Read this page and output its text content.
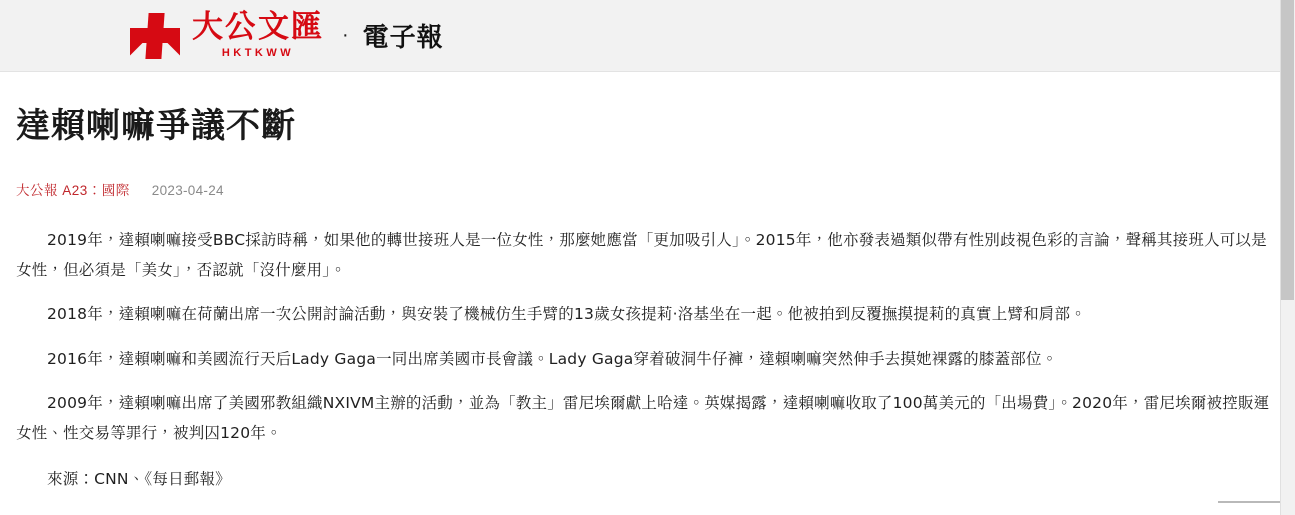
大公文匯
HKTKWW
· 電子報
達賴喇嘛爭議不斷
大公報 A23：國際 2023-04-24

2019年，達賴喇嘛接受BBC採訪時稱，如果他的轉世接班人是一位女性，那麼她應當「更加吸引人」。2015年，他亦發表過類似帶有性別歧視色彩的言論，聲稱其接班人可以是女性，但必須是「美女」，否認就「沒什麼用」。

2018年，達賴喇嘛在荷蘭出席一次公開討論活動，與安裝了機械仿生手臂的13歲女孩提莉·洛基坐在一起。他被拍到反覆撫摸提莉的真實上臂和肩部。

2016年，達賴喇嘛和美國流行天后Lady Gaga一同出席美國市長會議。Lady Gaga穿着破洞牛仔褲，達賴喇嘛突然伸手去摸她裸露的膝蓋部位。

2009年，達賴喇嘛出席了美國邪教組織NXIVM主辦的活動，並為「教主」雷尼埃爾獻上哈達。英媒揭露，達賴喇嘛收取了100萬美元的「出場費」。2020年，雷尼埃爾被控販運女性、性交易等罪行，被判囚120年。

來源：CNN、《每日郵報》
